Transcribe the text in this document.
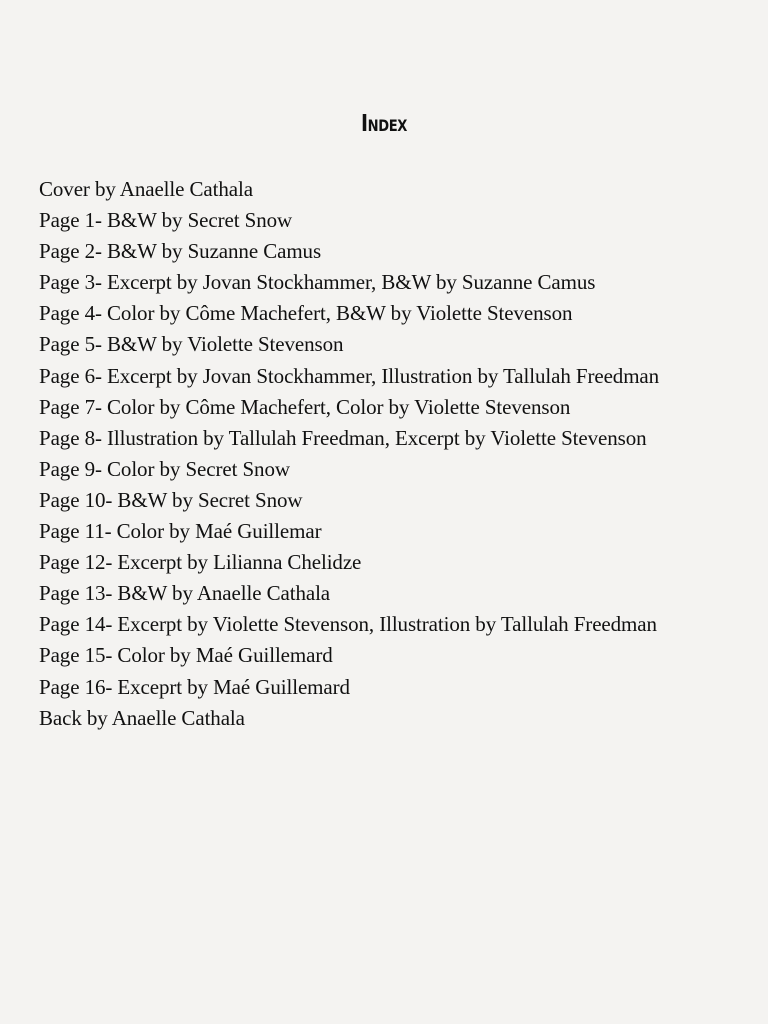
Index
Cover by Anaelle Cathala
Page 1- B&W by Secret Snow
Page 2- B&W by Suzanne Camus
Page 3- Excerpt by Jovan Stockhammer, B&W by Suzanne Camus
Page 4- Color by Côme Machefert, B&W by Violette Stevenson
Page 5- B&W by Violette Stevenson
Page 6- Excerpt by Jovan Stockhammer, Illustration by Tallulah Freedman
Page 7- Color by Côme Machefert, Color by Violette Stevenson
Page 8- Illustration by Tallulah Freedman, Excerpt by Violette Stevenson
Page 9- Color by Secret Snow
Page 10- B&W by Secret Snow
Page 11- Color by Maé Guillemar
Page 12- Excerpt by Lilianna Chelidze
Page 13- B&W by Anaelle Cathala
Page 14- Excerpt by Violette Stevenson, Illustration by Tallulah Freedman
Page 15- Color by Maé Guillemard
Page 16- Exceprt by Maé Guillemard
Back by Anaelle Cathala
